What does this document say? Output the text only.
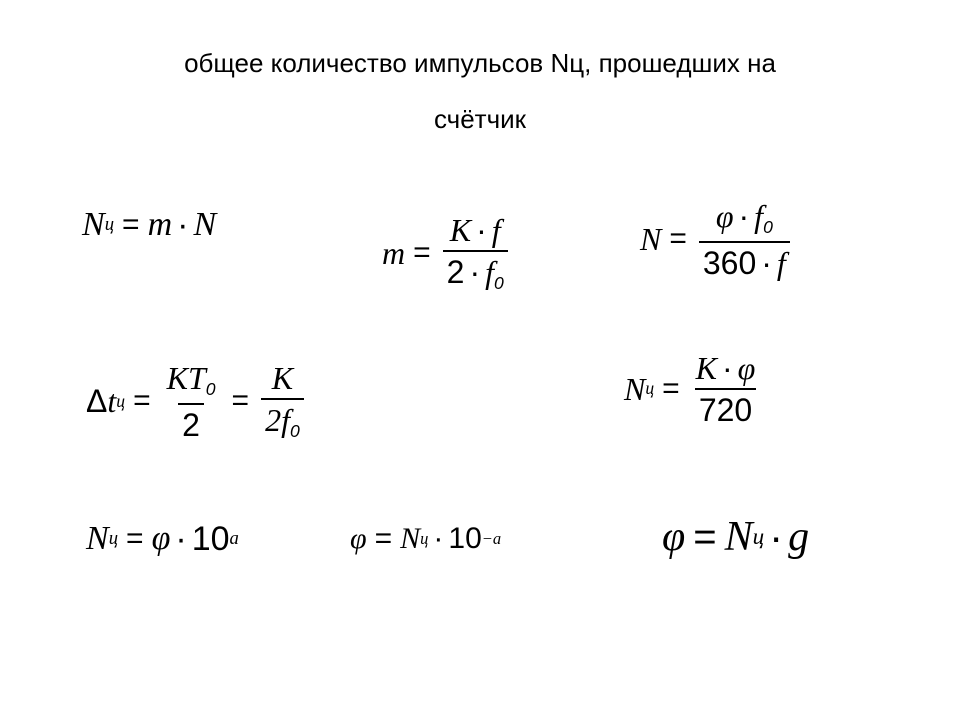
общее количество импульсов Nц, прошедших на
счётчик
N ц = m · N
$m = \frac{K \cdot f}{2 \cdot f_0}$	$N = \frac{\varphi \cdot f_0}{360 \cdot f}$
Δ t $ц = \frac{KT_0}{2} = \frac{K}{2f_0}$	N $ц = \frac{K \cdot \varphi}{720}$
N ц = φ · 10 a	φ = N ц · 10 −a	φ = N ц · g
